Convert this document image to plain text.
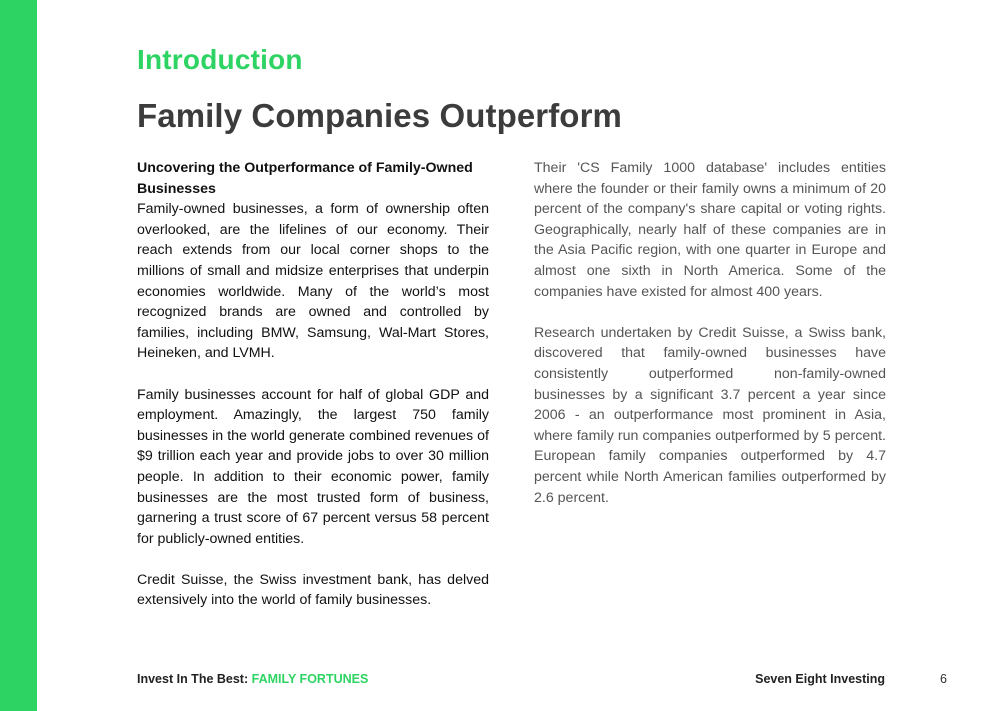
Introduction
Family Companies Outperform
Uncovering the Outperformance of Family-Owned Businesses

Family-owned businesses, a form of ownership often overlooked, are the lifelines of our economy. Their reach extends from our local corner shops to the millions of small and midsize enterprises that underpin economies worldwide. Many of the world’s most recognized brands are owned and controlled by families, including BMW, Samsung, Wal-Mart Stores, Heineken, and LVMH.

Family businesses account for half of global GDP and employment. Amazingly, the largest 750 family businesses in the world generate combined revenues of $9 trillion each year and provide jobs to over 30 million people. In addition to their economic power, family businesses are the most trusted form of business, garnering a trust score of 67 percent versus 58 percent for publicly-owned entities.

Credit Suisse, the Swiss investment bank, has delved extensively into the world of family businesses.

Their 'CS Family 1000 database' includes entities where the founder or their family owns a minimum of 20 percent of the company's share capital or voting rights. Geographically, nearly half of these companies are in the Asia Pacific region, with one quarter in Europe and almost one sixth in North America. Some of the companies have existed for almost 400 years.

Research undertaken by Credit Suisse, a Swiss bank, discovered that family-owned businesses have consistently outperformed non-family-owned businesses by a significant 3.7 percent a year since 2006 - an outperformance most prominent in Asia, where family run companies outperformed by 5 percent. European family companies outperformed by 4.7 percent while North American families outperformed by 2.6 percent.

Invest In The Best: FAMILY FORTUNES	Seven Eight Investing	6
